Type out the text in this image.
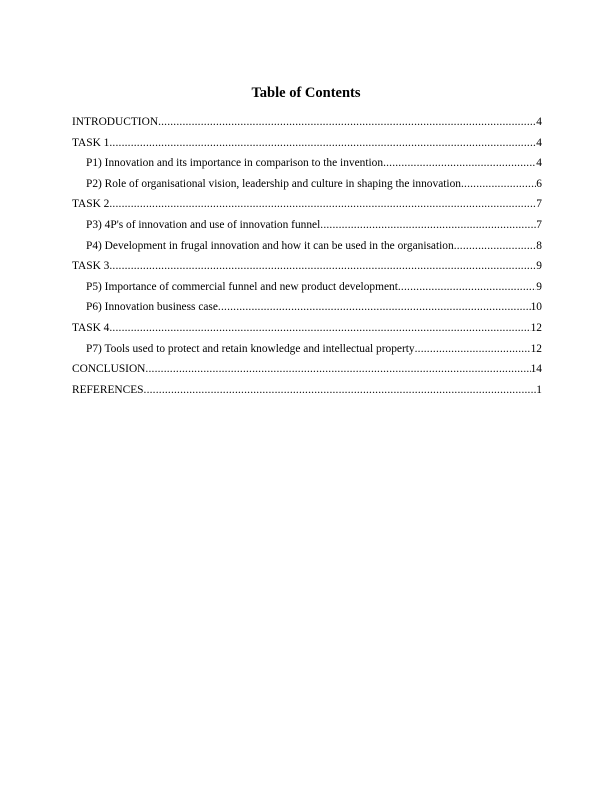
Table of Contents
INTRODUCTION .....	4
TASK 1 .....	4
P1) Innovation and its importance in comparison to the invention .....	4
P2) Role of organisational vision, leadership and culture in shaping the innovation .....	6
TASK 2 .....	7
P3) 4P's of innovation and use of innovation funnel .....	7
P4) Development in frugal innovation and how it can be used in the organisation .....	8
TASK 3 .....	9
P5) Importance of commercial funnel and new product development .....	9
P6) Innovation business case .....	10
TASK 4 .....	12
P7) Tools used to protect and retain knowledge and intellectual property .....	12
CONCLUSION .....	14
REFERENCES .....	1
